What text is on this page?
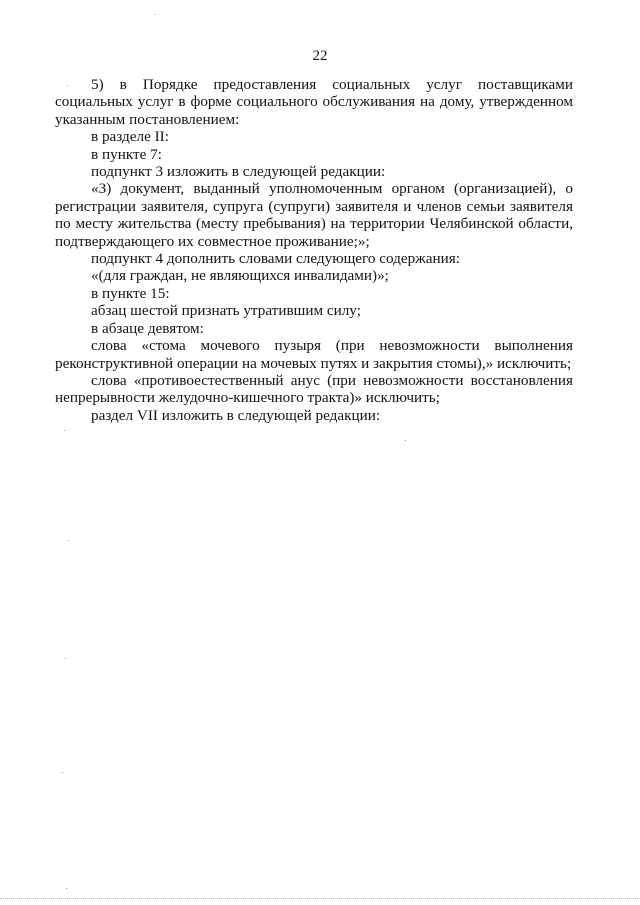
22

5) в Порядке предоставления социальных услуг поставщиками социальных услуг в форме социального обслуживания на дому, утвержденном указанным постановлением:

в разделе II:

в пункте 7:

подпункт 3 изложить в следующей редакции:

«3) документ, выданный уполномоченным органом (организацией), о регистрации заявителя, супруга (супруги) заявителя и членов семьи заявителя по месту жительства (месту пребывания) на территории Челябинской области, подтверждающего их совместное проживание;»;

подпункт 4 дополнить словами следующего содержания:

«(для граждан, не являющихся инвалидами)»;

в пункте 15:

абзац шестой признать утратившим силу;

в абзаце девятом:

слова «стома мочевого пузыря (при невозможности выполнения реконструктивной операции на мочевых путях и закрытия стомы),» исключить;

слова «противоестественный анус (при невозможности восстановления непрерывности желудочно-кишечного тракта)» исключить;

раздел VII изложить в следующей редакции:
